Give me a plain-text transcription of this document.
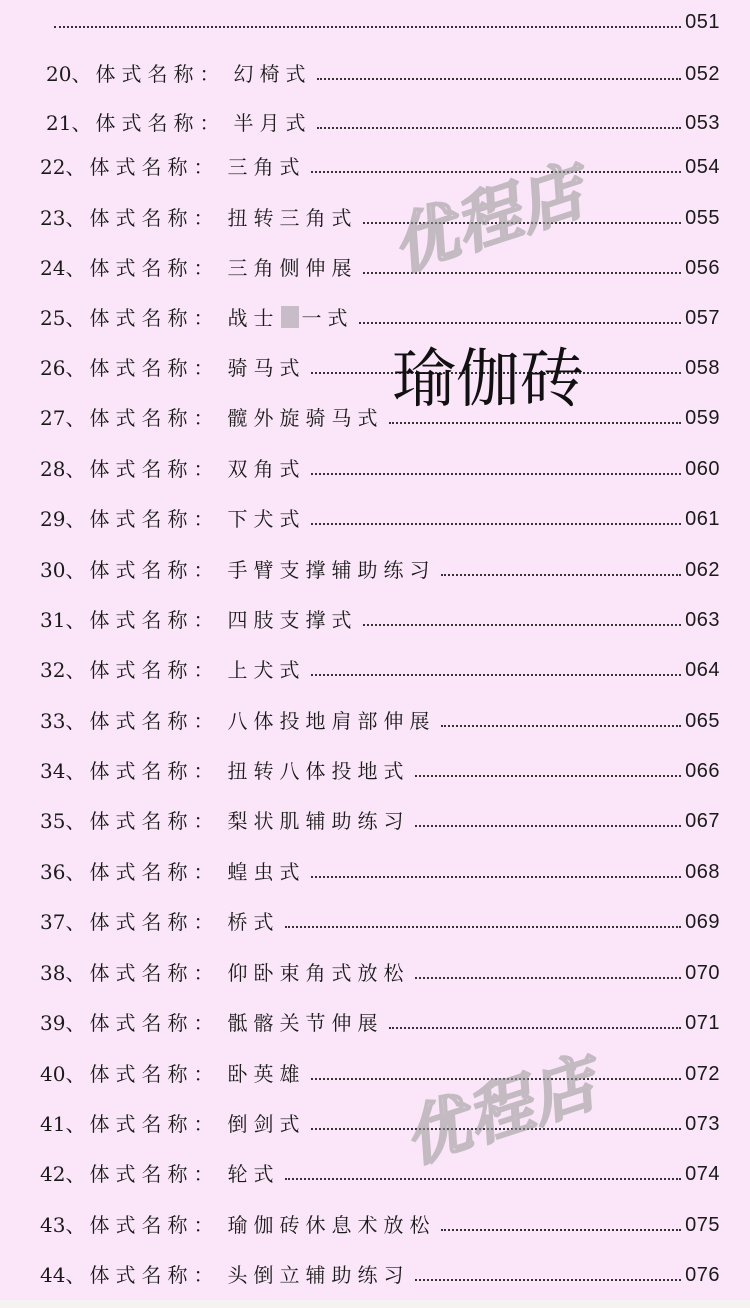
051
20、 体式名称： 幻椅式	052
21、 体式名称： 半月式	053
22、 体式名称： 三角式	054
23、 体式名称： 扭转三角式	055
24、 体式名称： 三角侧伸展	056
25、 体式名称： 战士 一式	057
26、 体式名称： 骑马式	058
27、 体式名称： 髋外旋骑马式	059
28、 体式名称： 双角式	060
29、 体式名称： 下犬式	061
30、 体式名称： 手臂支撑辅助练习	062
31、 体式名称： 四肢支撑式	063
32、 体式名称： 上犬式	064
33、 体式名称： 八体投地肩部伸展	065
34、 体式名称： 扭转八体投地式	066
35、 体式名称： 梨状肌辅助练习	067
36、 体式名称： 蝗虫式	068
37、 体式名称： 桥式	069
38、 体式名称： 仰卧束角式放松	070
39、 体式名称： 骶髂关节伸展	071
40、 体式名称： 卧英雄	072
41、 体式名称： 倒剑式	073
42、 体式名称： 轮式	074
43、 体式名称： 瑜伽砖休息术放松	075
44、 体式名称： 头倒立辅助练习	076
优程店
优程店
瑜伽砖
